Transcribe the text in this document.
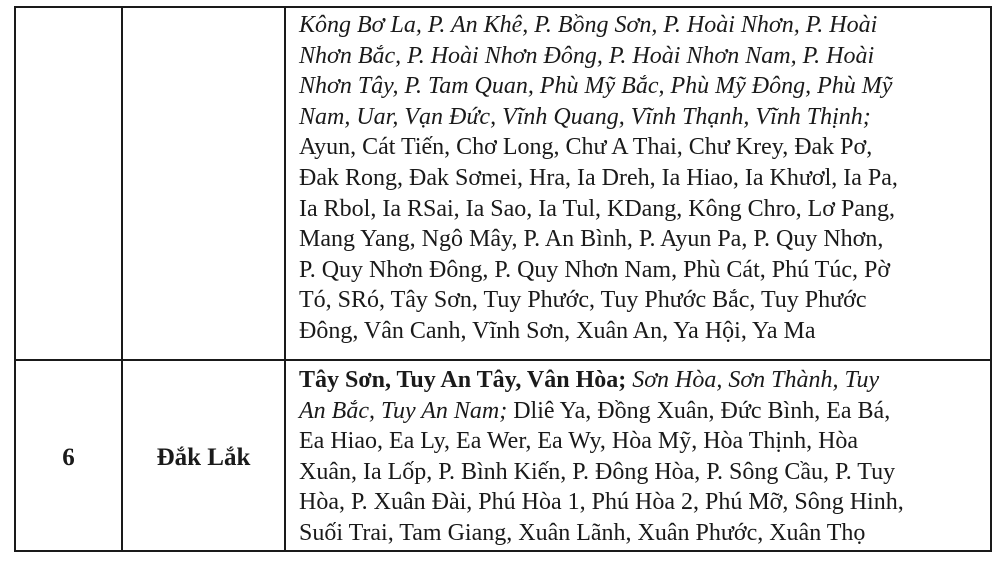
Kông Bơ La, P. An Khê, P. Bồng Sơn, P. Hoài Nhơn, P. Hoài
Nhơn Bắc, P. Hoài Nhơn Đông, P. Hoài Nhơn Nam, P. Hoài
Nhơn Tây, P. Tam Quan, Phù Mỹ Bắc, Phù Mỹ Đông, Phù Mỹ
Nam, Uar, Vạn Đức, Vĩnh Quang, Vĩnh Thạnh, Vĩnh Thịnh;
Ayun, Cát Tiến, Chơ Long, Chư A Thai, Chư Krey, Đak Pơ,
Đak Rong, Đak Sơmei, Hra, Ia Dreh, Ia Hiao, Ia Khươl, Ia Pa,
Ia Rbol, Ia RSai, Ia Sao, Ia Tul, KDang, Kông Chro, Lơ Pang,
Mang Yang, Ngô Mây, P. An Bình, P. Ayun Pa, P. Quy Nhơn,
P. Quy Nhơn Đông, P. Quy Nhơn Nam, Phù Cát, Phú Túc, Pờ
Tó, SRó, Tây Sơn, Tuy Phước, Tuy Phước Bắc, Tuy Phước
Đông, Vân Canh, Vĩnh Sơn, Xuân An, Ya Hội, Ya Ma
6	Đắk Lắk
Tây Sơn, Tuy An Tây, Vân Hòa; Sơn Hòa, Sơn Thành, Tuy
An Bắc, Tuy An Nam; Dliê Ya, Đồng Xuân, Đức Bình, Ea Bá,
Ea Hiao, Ea Ly, Ea Wer, Ea Wy, Hòa Mỹ, Hòa Thịnh, Hòa
Xuân, Ia Lốp, P. Bình Kiến, P. Đông Hòa, P. Sông Cầu, P. Tuy
Hòa, P. Xuân Đài, Phú Hòa 1, Phú Hòa 2, Phú Mỡ, Sông Hinh,
Suối Trai, Tam Giang, Xuân Lãnh, Xuân Phước, Xuân Thọ
